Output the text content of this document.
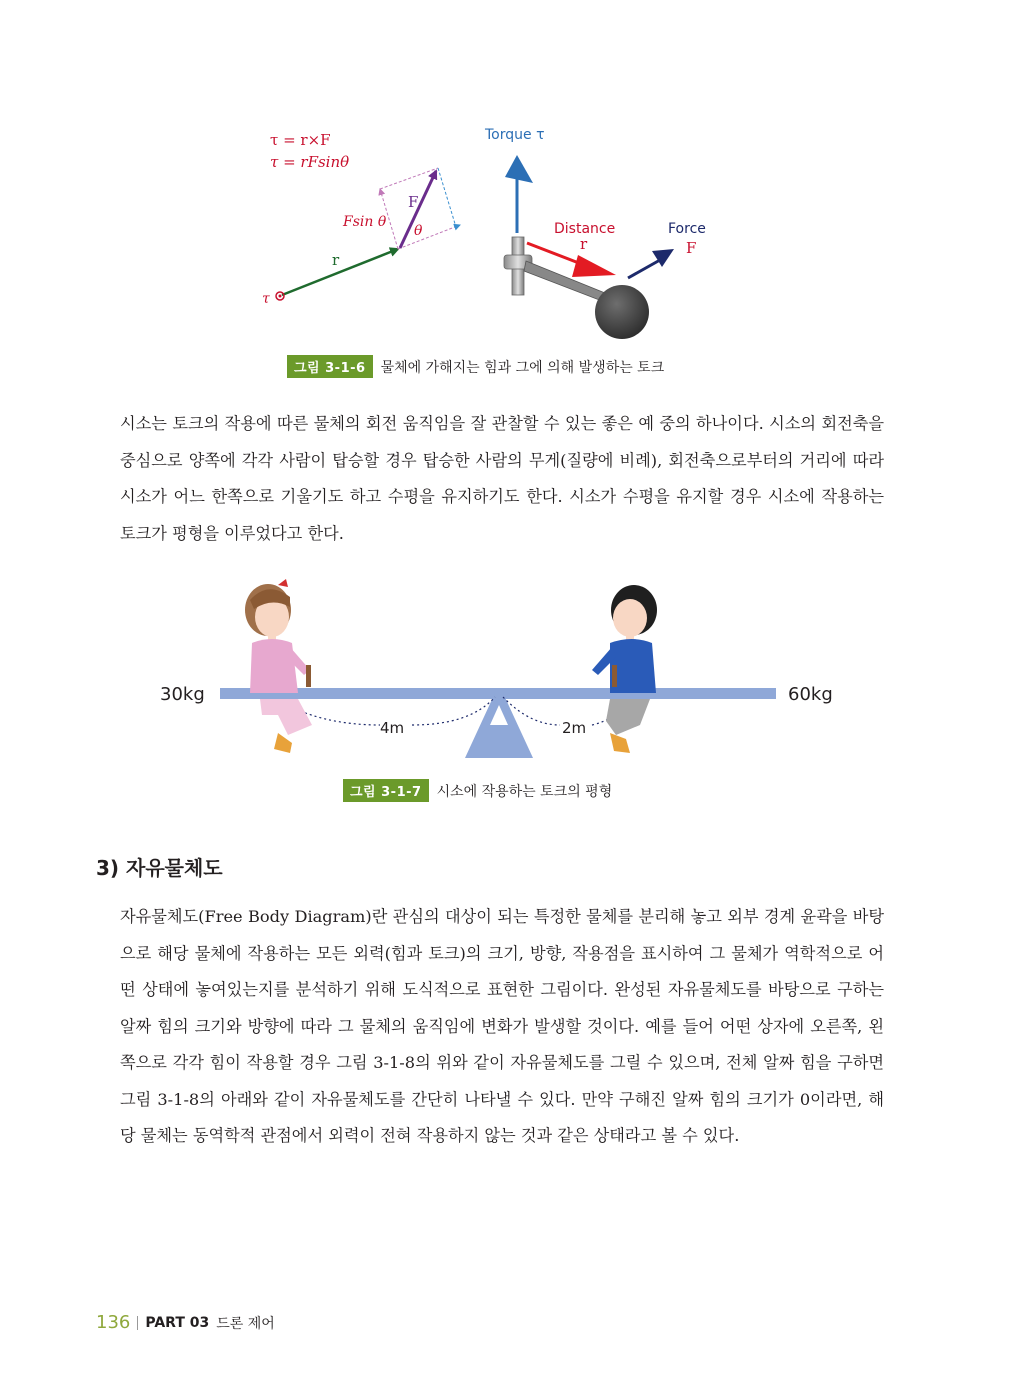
τ = r×F
τ = rFsinθ
τ
r
F
θ
Fsin θ
Torque τ
Distance
r
Force
F
그림 3-1-6	물체에 가해지는 힘과 그에 의해 발생하는 토크

시소는 토크의 작용에 따른 물체의 회전 움직임을 잘 관찰할 수 있는 좋은 예 중의 하나이다. 시소의 회전축을 중심으로 양쪽에 각각 사람이 탑승할 경우 탑승한 사람의 무게(질량에 비례), 회전축으로부터의 거리에 따라 시소가 어느 한쪽으로 기울기도 하고 수평을 유지하기도 한다. 시소가 수평을 유지할 경우 시소에 작용하는 토크가 평형을 이루었다고 한다.

30kg	60kg
4m	2m
그림 3-1-7	시소에 작용하는 토크의 평형
3) 자유물체도

자유물체도(Free Body Diagram)란 관심의 대상이 되는 특정한 물체를 분리해 놓고 외부 경계 윤곽을 바탕으로 해당 물체에 작용하는 모든 외력(힘과 토크)의 크기, 방향, 작용점을 표시하여 그 물체가 역학적으로 어떤 상태에 놓여있는지를 분석하기 위해 도식적으로 표현한 그림이다. 완성된 자유물체도를 바탕으로 구하는 알짜 힘의 크기와 방향에 따라 그 물체의 움직임에 변화가 발생할 것이다. 예를 들어 어떤 상자에 오른쪽, 왼쪽으로 각각 힘이 작용할 경우 그림 3-1-8의 위와 같이 자유물체도를 그릴 수 있으며, 전체 알짜 힘을 구하면 그림 3-1-8의 아래와 같이 자유물체도를 간단히 나타낼 수 있다. 만약 구해진 알짜 힘의 크기가 0이라면, 해당 물체는 동역학적 관점에서 외력이 전혀 작용하지 않는 것과 같은 상태라고 볼 수 있다.

136 PART 03 드론 제어
